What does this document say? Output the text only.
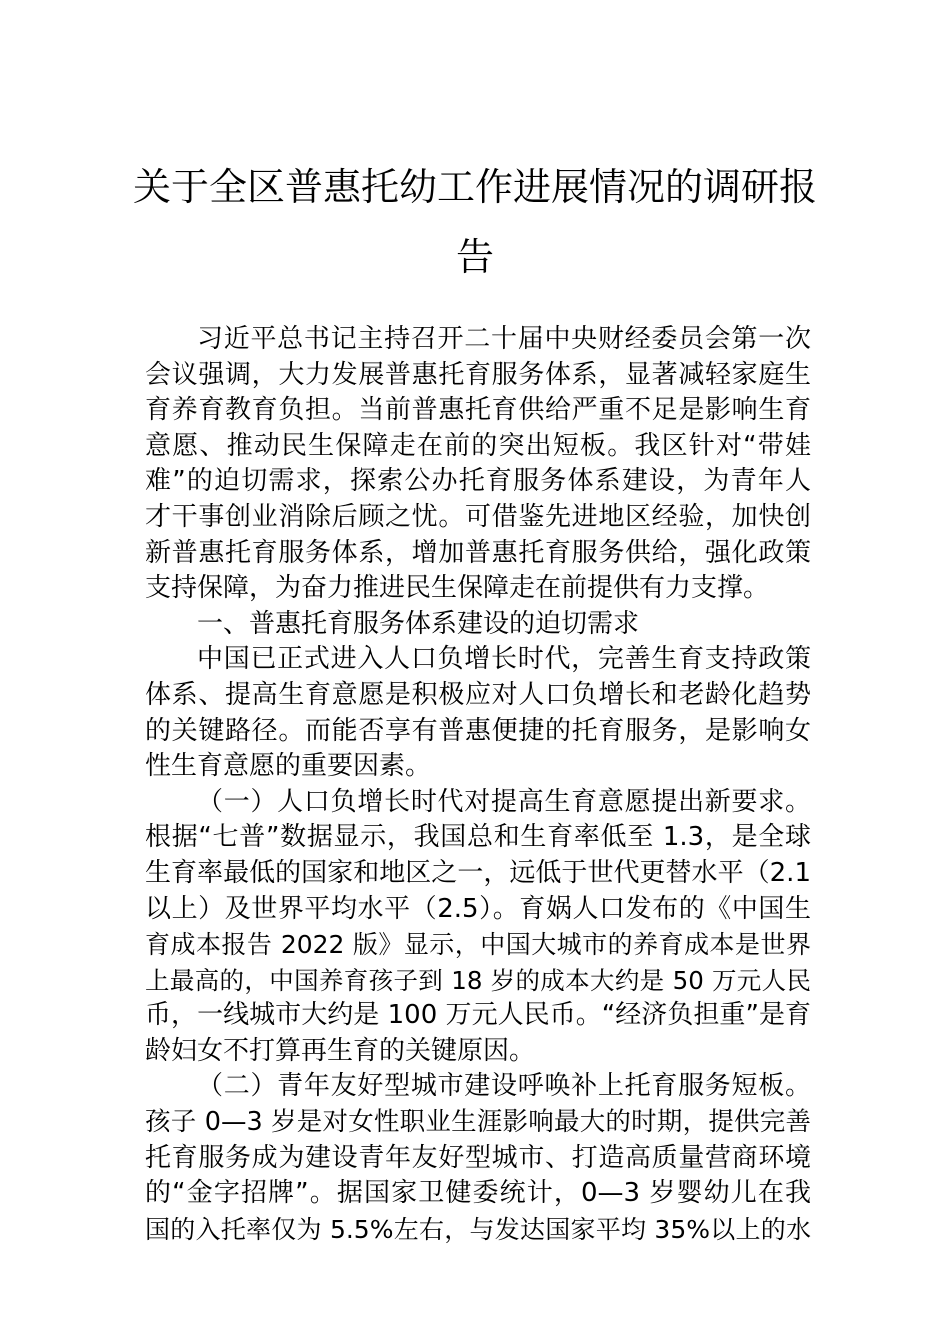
关于全区普惠托幼工作进展情况的调研报
告
习近平总书记主持召开二十届中央财经委员会第一次
会议强调，大力发展普惠托育服务体系，显著减轻家庭生
育养育教育负担。当前普惠托育供给严重不足是影响生育
意愿、推动民生保障走在前的突出短板。我区针对“带娃
难”的迫切需求，探索公办托育服务体系建设，为青年人
才干事创业消除后顾之忧。可借鉴先进地区经验，加快创
新普惠托育服务体系，增加普惠托育服务供给，强化政策
支持保障，为奋力推进民生保障走在前提供有力支撑。
一、普惠托育服务体系建设的迫切需求
中国已正式进入人口负增长时代，完善生育支持政策
体系、提高生育意愿是积极应对人口负增长和老龄化趋势
的关键路径。而能否享有普惠便捷的托育服务，是影响女
性生育意愿的重要因素。
（一）人口负增长时代对提高生育意愿提出新要求。
根据“七普”数据显示，我国总和生育率低至 1.3，是全球
生育率最低的国家和地区之一，远低于世代更替水平（2.1
以上）及世界平均水平（2.5）。育娲人口发布的《中国生
育成本报告 2022 版》显示，中国大城市的养育成本是世界
上最高的，中国养育孩子到 18 岁的成本大约是 50 万元人民
币，一线城市大约是 100 万元人民币。“经济负担重”是育
龄妇女不打算再生育的关键原因。
（二）青年友好型城市建设呼唤补上托育服务短板。
孩子 0—3 岁是对女性职业生涯影响最大的时期，提供完善
托育服务成为建设青年友好型城市、打造高质量营商环境
的“金字招牌”。据国家卫健委统计，0—3 岁婴幼儿在我
国的入托率仅为 5.5%左右，与发达国家平均 35%以上的水
